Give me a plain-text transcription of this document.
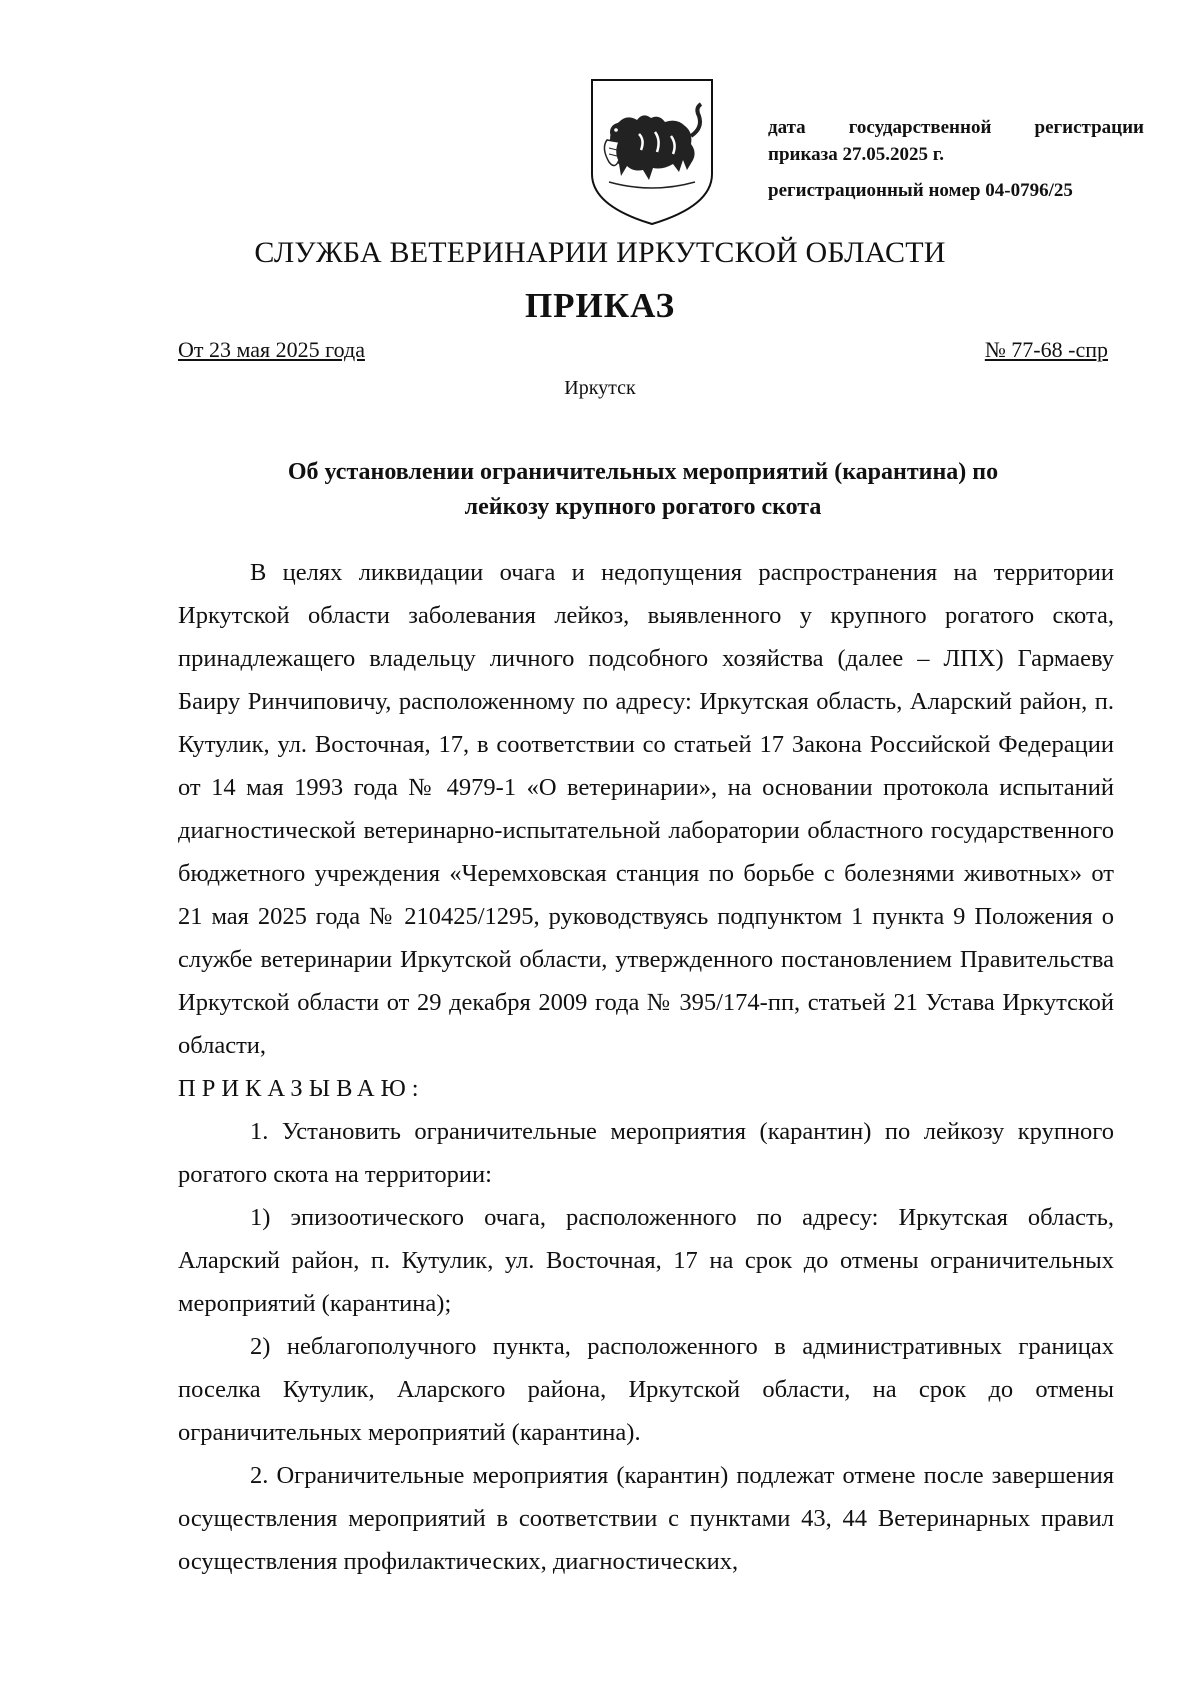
дата государственной регистрации
приказа 27.05.2025 г.
регистрационный номер 04-0796/25
СЛУЖБА ВЕТЕРИНАРИИ ИРКУТСКОЙ ОБЛАСТИ
ПРИКАЗ
От 23 мая 2025 года	№ 77-68 -спр
Иркутск
Об установлении ограничительных мероприятий (карантина) по
лейкозу крупного рогатого скота

В целях ликвидации очага и недопущения распространения на территории Иркутской области заболевания лейкоз, выявленного у крупного рогатого скота, принадлежащего владельцу личного подсобного хозяйства (далее – ЛПХ) Гармаеву Баиру Ринчиповичу, расположенному по адресу: Иркутская область, Аларский район, п. Кутулик, ул. Восточная, 17, в соответствии со статьей 17 Закона Российской Федерации от 14 мая 1993 года № 4979-1 «О ветеринарии», на основании протокола испытаний диагностической ветеринарно-испытательной лаборатории областного государственного бюджетного учреждения «Черемховская станция по борьбе с болезнями животных» от 21 мая 2025 года № 210425/1295, руководствуясь подпунктом 1 пункта 9 Положения о службе ветеринарии Иркутской области, утвержденного постановлением Правительства Иркутской области от 29 декабря 2009 года № 395/174-пп, статьей 21 Устава Иркутской области,

ПРИКАЗЫВАЮ:

1. Установить ограничительные мероприятия (карантин) по лейкозу крупного рогатого скота на территории:

1) эпизоотического очага, расположенного по адресу: Иркутская область, Аларский район, п. Кутулик, ул. Восточная, 17 на срок до отмены ограничительных мероприятий (карантина);

2) неблагополучного пункта, расположенного в административных границах поселка Кутулик, Аларского района, Иркутской области, на срок до отмены ограничительных мероприятий (карантина).

2. Ограничительные мероприятия (карантин) подлежат отмене после завершения осуществления мероприятий в соответствии с пунктами 43, 44 Ветеринарных правил осуществления профилактических, диагностических,
